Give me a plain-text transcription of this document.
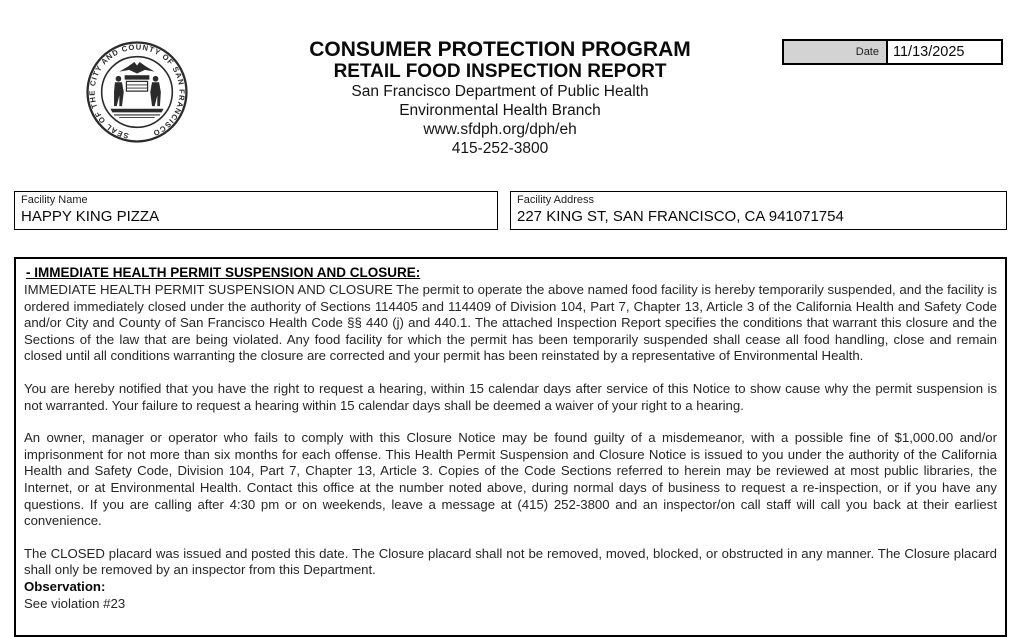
SEAL OF THE CITY AND COUNTY OF SAN FRANCISCO
CONSUMER PROTECTION PROGRAM
RETAIL FOOD INSPECTION REPORT
San Francisco Department of Public Health
Environmental Health Branch
www.sfdph.org/dph/eh
415-252-3800
Date 11/13/2025
Facility Name
HAPPY KING PIZZA
Facility Address
227 KING ST, SAN FRANCISCO, CA 941071754
- IMMEDIATE HEALTH PERMIT SUSPENSION AND CLOSURE:

IMMEDIATE HEALTH PERMIT SUSPENSION AND CLOSURE The permit to operate the above named food facility is hereby temporarily suspended, and the facility is ordered immediately closed under the authority of Sections 114405 and 114409 of Division 104, Part 7, Chapter 13, Article 3 of the California Health and Safety Code and/or City and County of San Francisco Health Code §§ 440 (j) and 440.1. The attached Inspection Report specifies the conditions that warrant this closure and the Sections of the law that are being violated. Any food facility for which the permit has been temporarily suspended shall cease all food handling, close and remain closed until all conditions warranting the closure are corrected and your permit has been reinstated by a representative of Environmental Health.

You are hereby notified that you have the right to request a hearing, within 15 calendar days after service of this Notice to show cause why the permit suspension is not warranted. Your failure to request a hearing within 15 calendar days shall be deemed a waiver of your right to a hearing.

An owner, manager or operator who fails to comply with this Closure Notice may be found guilty of a misdemeanor, with a possible fine of $1,000.00 and/or imprisonment for not more than six months for each offense. This Health Permit Suspension and Closure Notice is issued to you under the authority of the California Health and Safety Code, Division 104, Part 7, Chapter 13, Article 3. Copies of the Code Sections referred to herein may be reviewed at most public libraries, the Internet, or at Environmental Health. Contact this office at the number noted above, during normal days of business to request a re-inspection, or if you have any questions. If you are calling after 4:30 pm or on weekends, leave a message at (415) 252-3800 and an inspector/on call staff will call you back at their earliest convenience.

The CLOSED placard was issued and posted this date. The Closure placard shall not be removed, moved, blocked, or obstructed in any manner. The Closure placard shall only be removed by an inspector from this Department.

Observation:
See violation #23
